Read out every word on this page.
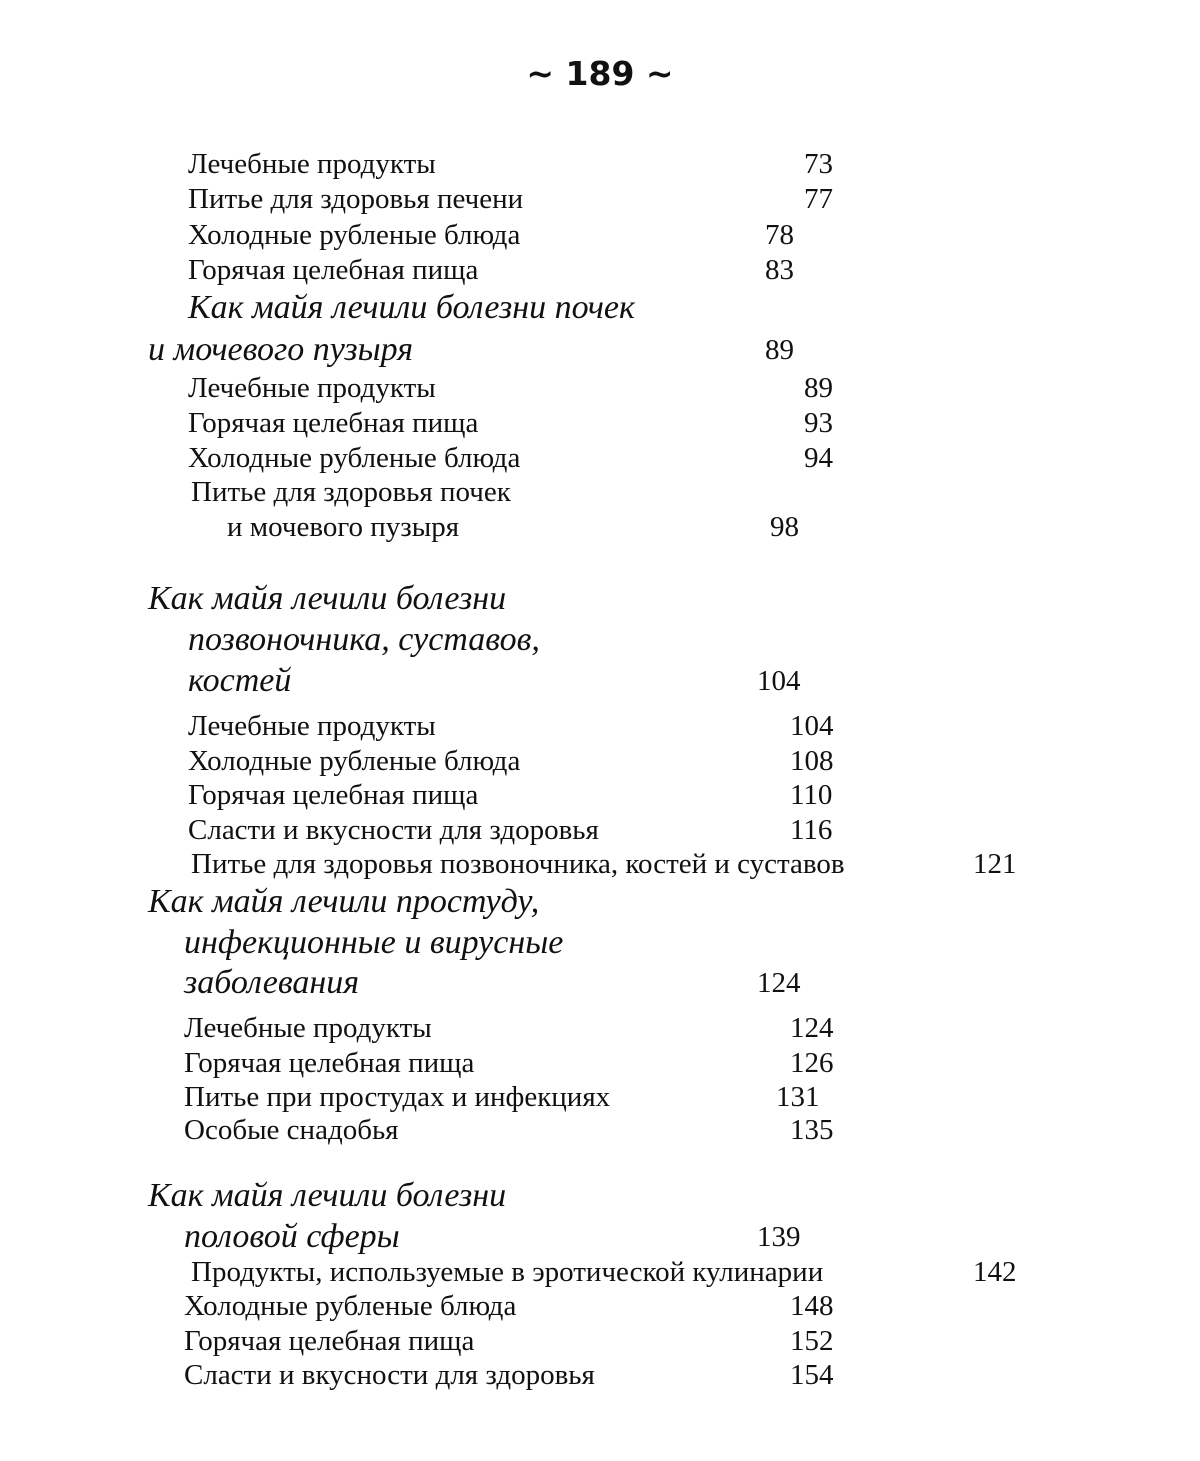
~ 189 ~
Лечебные продукты	73
Питье для здоровья печени	77
Холодные рубленые блюда	78
Горячая целебная пища	83
Как майя лечили болезни почек
и мочевого пузыря	89
Лечебные продукты	89
Горячая целебная пища	93
Холодные рубленые блюда	94
Питье для здоровья почек
и мочевого пузыря	98
Как майя лечили болезни
позвоночника, суставов,
костей	104
Лечебные продукты	104
Холодные рубленые блюда	108
Горячая целебная пища	110
Сласти и вкусности для здоровья	116
Питье для здоровья позвоночника, костей и суставов	121
Как майя лечили простуду,
инфекционные и вирусные
заболевания	124
Лечебные продукты	124
Горячая целебная пища	126
Питье при простудах и инфекциях	131
Особые снадобья	135
Как майя лечили болезни
половой сферы	139
Продукты, используемые в эротической кулинарии	142
Холодные рубленые блюда	148
Горячая целебная пища	152
Сласти и вкусности для здоровья	154
